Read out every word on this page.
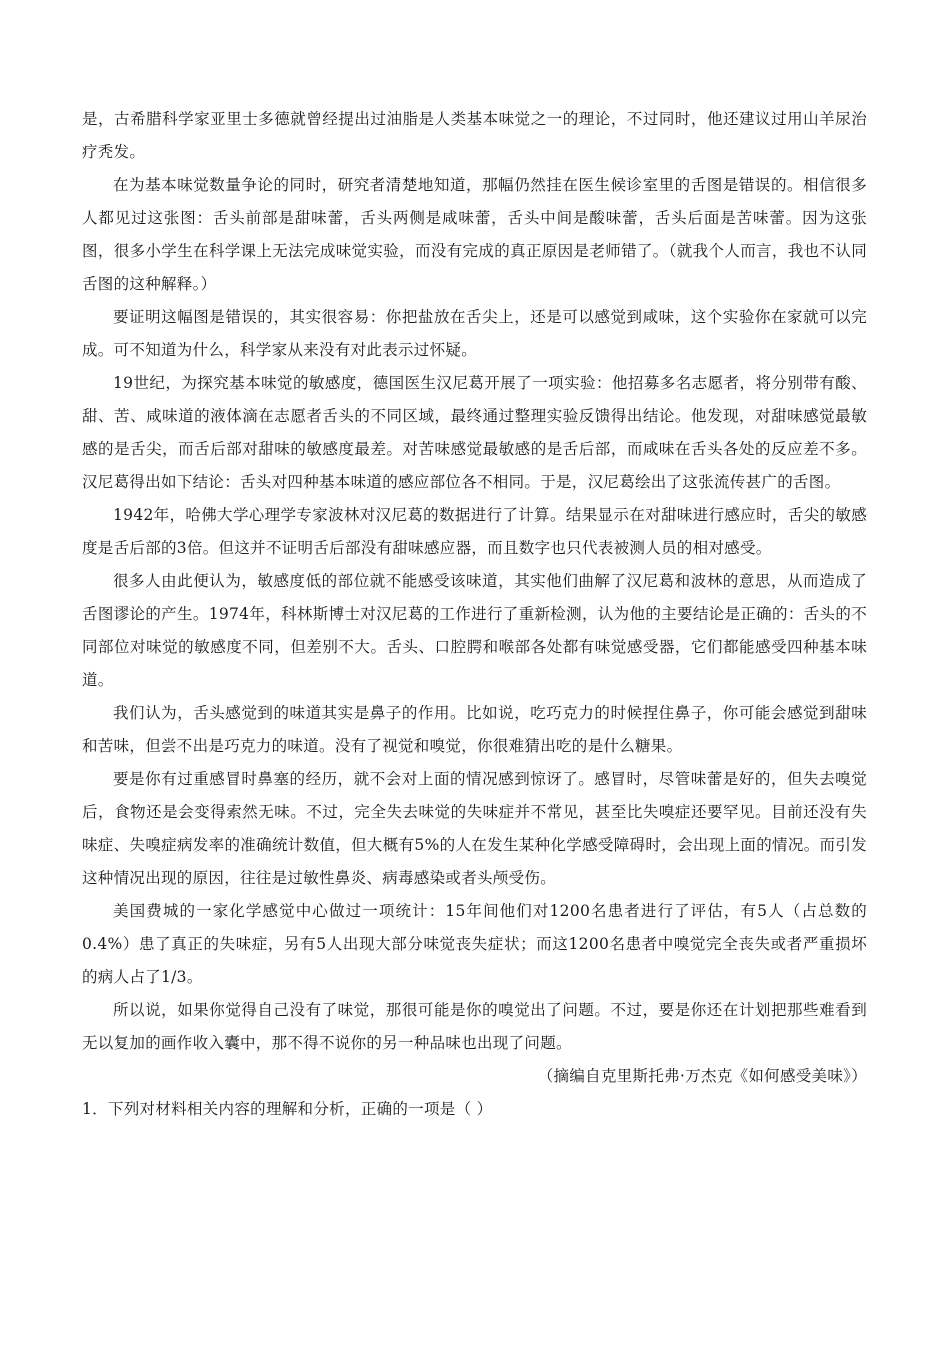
是，古希腊科学家亚里士多德就曾经提出过油脂是人类基本味觉之一的理论，不过同时，他还建议过用山羊尿治疗秃发。

在为基本味觉数量争论的同时，研究者清楚地知道，那幅仍然挂在医生候诊室里的舌图是错误的。相信很多人都见过这张图：舌头前部是甜味蕾，舌头两侧是咸味蕾，舌头中间是酸味蕾，舌头后面是苦味蕾。因为这张图，很多小学生在科学课上无法完成味觉实验，而没有完成的真正原因是老师错了。（就我个人而言，我也不认同舌图的这种解释。）

要证明这幅图是错误的，其实很容易：你把盐放在舌尖上，还是可以感觉到咸味，这个实验你在家就可以完成。可不知道为什么，科学家从来没有对此表示过怀疑。

19世纪，为探究基本味觉的敏感度，德国医生汉尼葛开展了一项实验：他招募多名志愿者，将分别带有酸、甜、苦、咸味道的液体滴在志愿者舌头的不同区域，最终通过整理实验反馈得出结论。他发现，对甜味感觉最敏感的是舌尖，而舌后部对甜味的敏感度最差。对苦味感觉最敏感的是舌后部，而咸味在舌头各处的反应差不多。汉尼葛得出如下结论：舌头对四种基本味道的感应部位各不相同。于是，汉尼葛绘出了这张流传甚广的舌图。

1942年，哈佛大学心理学专家波林对汉尼葛的数据进行了计算。结果显示在对甜味进行感应时，舌尖的敏感度是舌后部的3倍。但这并不证明舌后部没有甜味感应器，而且数字也只代表被测人员的相对感受。

很多人由此便认为，敏感度低的部位就不能感受该味道，其实他们曲解了汉尼葛和波林的意思，从而造成了舌图谬论的产生。1974年，科林斯博士对汉尼葛的工作进行了重新检测，认为他的主要结论是正确的：舌头的不同部位对味觉的敏感度不同，但差别不大。舌头、口腔腭和喉部各处都有味觉感受器，它们都能感受四种基本味道。

我们认为，舌头感觉到的味道其实是鼻子的作用。比如说，吃巧克力的时候捏住鼻子，你可能会感觉到甜味和苦味，但尝不出是巧克力的味道。没有了视觉和嗅觉，你很难猜出吃的是什么糖果。

要是你有过重感冒时鼻塞的经历，就不会对上面的情况感到惊讶了。感冒时，尽管味蕾是好的，但失去嗅觉后，食物还是会变得索然无味。不过，完全失去味觉的失味症并不常见，甚至比失嗅症还要罕见。目前还没有失味症、失嗅症病发率的准确统计数值，但大概有5%的人在发生某种化学感受障碍时，会出现上面的情况。而引发这种情况出现的原因，往往是过敏性鼻炎、病毒感染或者头颅受伤。

美国费城的一家化学感觉中心做过一项统计：15年间他们对1200名患者进行了评估，有5人（占总数的0.4%）患了真正的失味症，另有5人出现大部分味觉丧失症状；而这1200名患者中嗅觉完全丧失或者严重损坏的病人占了1/3。

所以说，如果你觉得自己没有了味觉，那很可能是你的嗅觉出了问题。不过，要是你还在计划把那些难看到无以复加的画作收入囊中，那不得不说你的另一种品味也出现了问题。

（摘编自克里斯托弗·万杰克《如何感受美味》）

1．下列对材料相关内容的理解和分析，正确的一项是（ ）
